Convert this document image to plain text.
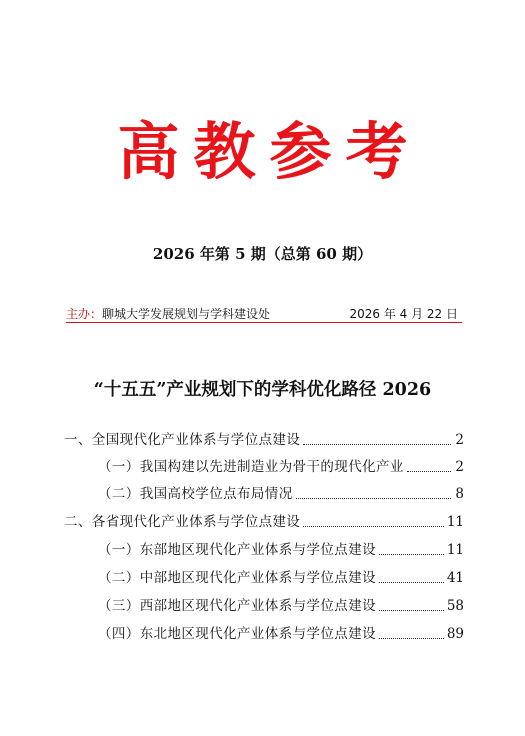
高教参考
2026 年第 5 期（总第 60 期）
主办：聊城大学发展规划与学科建设处	2026 年 4 月 22 日
“十五五”产业规划下的学科优化路径 2026
一、全国现代化产业体系与学位点建设	2
（一）我国构建以先进制造业为骨干的现代化产业	2
（二）我国高校学位点布局情况	8
二、各省现代化产业体系与学位点建设	11
（一）东部地区现代化产业体系与学位点建设	11
（二）中部地区现代化产业体系与学位点建设	41
（三）西部地区现代化产业体系与学位点建设	58
（四）东北地区现代化产业体系与学位点建设	89
